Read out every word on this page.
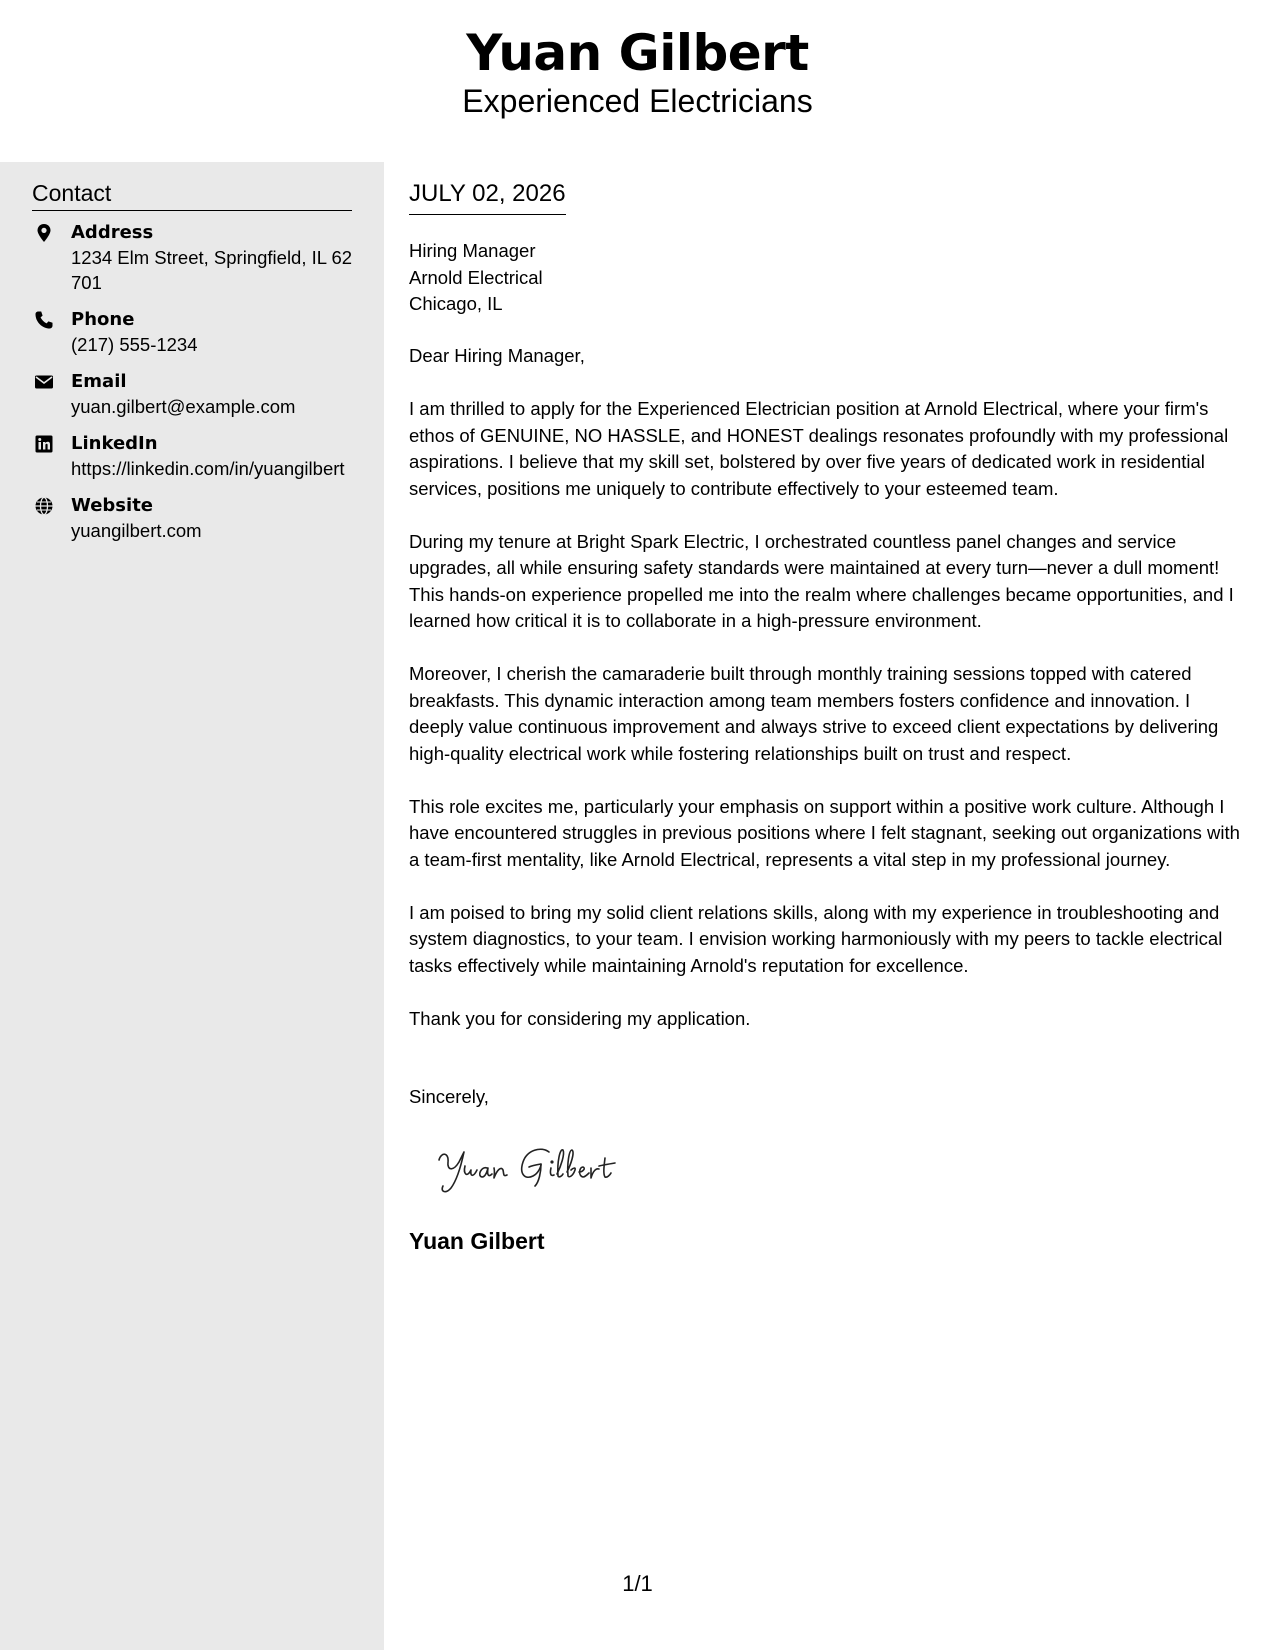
Yuan Gilbert
Experienced Electricians
Contact
Address
1234 Elm Street, Springfield, IL 62701
Phone
(217) 555-1234
Email
yuan.gilbert@example.com
LinkedIn
https://linkedin.com/in/yuangilbert
Website
yuangilbert.com
JULY 02, 2026
Hiring Manager
Arnold Electrical
Chicago, IL

Dear Hiring Manager,

I am thrilled to apply for the Experienced Electrician position at Arnold Electrical, where your firm's ethos of GENUINE, NO HASSLE, and HONEST dealings resonates profoundly with my professional aspirations. I believe that my skill set, bolstered by over five years of dedicated work in residential services, positions me uniquely to contribute effectively to your esteemed team.

During my tenure at Bright Spark Electric, I orchestrated countless panel changes and service upgrades, all while ensuring safety standards were maintained at every turn—never a dull moment! This hands-on experience propelled me into the realm where challenges became opportunities, and I learned how critical it is to collaborate in a high-pressure environment.

Moreover, I cherish the camaraderie built through monthly training sessions topped with catered breakfasts. This dynamic interaction among team members fosters confidence and innovation. I deeply value continuous improvement and always strive to exceed client expectations by delivering high-quality electrical work while fostering relationships built on trust and respect.

This role excites me, particularly your emphasis on support within a positive work culture. Although I have encountered struggles in previous positions where I felt stagnant, seeking out organizations with a team-first mentality, like Arnold Electrical, represents a vital step in my professional journey.

I am poised to bring my solid client relations skills, along with my experience in troubleshooting and system diagnostics, to your team. I envision working harmoniously with my peers to tackle electrical tasks effectively while maintaining Arnold's reputation for excellence.

Thank you for considering my application.

Sincerely,
Yuan Gilbert
1/1
